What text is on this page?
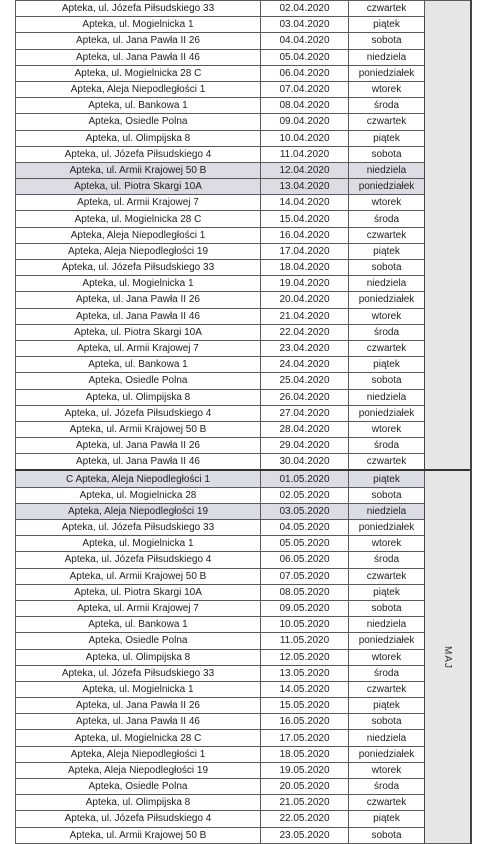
Apteka, ul. Józefa Piłsudskiego 33	02.04.2020	czwartek	
Apteka, ul. Mogielnicka 1	03.04.2020	piątek	
Apteka, ul. Jana Pawła II 26	04.04.2020	sobota	
Apteka, ul. Jana Pawła II 46	05.04.2020	niedziela	
Apteka, ul. Mogielnicka 28 C	06.04.2020	poniedziałek	
Apteka, Aleja Niepodległości 1	07.04.2020	wtorek	
Apteka, ul. Bankowa 1	08.04.2020	środa	
Apteka, Osiedle Polna	09.04.2020	czwartek	
Apteka, ul. Olimpijska 8	10.04.2020	piątek	
Apteka, ul. Józefa Piłsudskiego 4	11.04.2020	sobota	
Apteka, ul. Armii Krajowej 50 B	12.04.2020	niedziela	
Apteka, ul. Piotra Skargi 10A	13.04.2020	poniedziałek	
Apteka, ul. Armii Krajowej 7	14.04.2020	wtorek	
Apteka, ul. Mogielnicka 28 C	15.04.2020	środa	
Apteka, Aleja Niepodległości 1	16.04.2020	czwartek	
Apteka, Aleja Niepodległości 19	17.04.2020	piątek	
Apteka, ul. Józefa Piłsudskiego 33	18.04.2020	sobota	
Apteka, ul. Mogielnicka 1	19.04.2020	niedziela	
Apteka, ul. Jana Pawła II 26	20.04.2020	poniedziałek	
Apteka, ul. Jana Pawła II 46	21.04.2020	wtorek	
Apteka, ul. Piotra Skargi 10A	22.04.2020	środa	
Apteka, ul. Armii Krajowej 7	23.04.2020	czwartek	
Apteka, ul. Bankowa 1	24.04.2020	piątek	
Apteka, Osiedle Polna	25.04.2020	sobota	
Apteka, ul. Olimpijska 8	26.04.2020	niedziela	
Apteka, ul. Józefa Piłsudskiego 4	27.04.2020	poniedziałek	
Apteka, ul. Armii Krajowej 50 B	28.04.2020	wtorek	
Apteka, ul. Jana Pawła II 26	29.04.2020	środa	
Apteka, ul. Jana Pawła II 46	30.04.2020	czwartek	
C Apteka, Aleja Niepodległości 1	01.05.2020	piątek	MAJ
Apteka, ul. Mogielnicka 28	02.05.2020	sobota	
Apteka, Aleja Niepodległości 19	03.05.2020	niedziela	
Apteka, ul. Józefa Piłsudskiego 33	04.05.2020	poniedziałek	
Apteka, ul. Mogielnicka 1	05.05.2020	wtorek	
Apteka, ul. Józefa Piłsudskiego 4	06.05.2020	środa	
Apteka, ul. Armii Krajowej 50 B	07.05.2020	czwartek	
Apteka, ul. Piotra Skargi 10A	08.05.2020	piątek	
Apteka, ul. Armii Krajowej 7	09.05.2020	sobota	
Apteka, ul. Bankowa 1	10.05.2020	niedziela	
Apteka, Osiedle Polna	11.05.2020	poniedziałek	
Apteka, ul. Olimpijska 8	12.05.2020	wtorek	
Apteka, ul. Józefa Piłsudskiego 33	13.05.2020	środa	
Apteka, ul. Mogielnicka 1	14.05.2020	czwartek	
Apteka, ul. Jana Pawła II 26	15.05.2020	piątek	
Apteka, ul. Jana Pawła II 46	16.05.2020	sobota	
Apteka, ul. Mogielnicka 28 C	17.05.2020	niedziela	
Apteka, Aleja Niepodległości 1	18.05.2020	poniedziałek	
Apteka, Aleja Niepodległości 19	19.05.2020	wtorek	
Apteka, Osiedle Polna	20.05.2020	środa	
Apteka, ul. Olimpijska 8	21.05.2020	czwartek	
Apteka, ul. Józefa Piłsudskiego 4	22.05.2020	piątek	
Apteka, ul. Armii Krajowej 50 B	23.05.2020	sobota	
